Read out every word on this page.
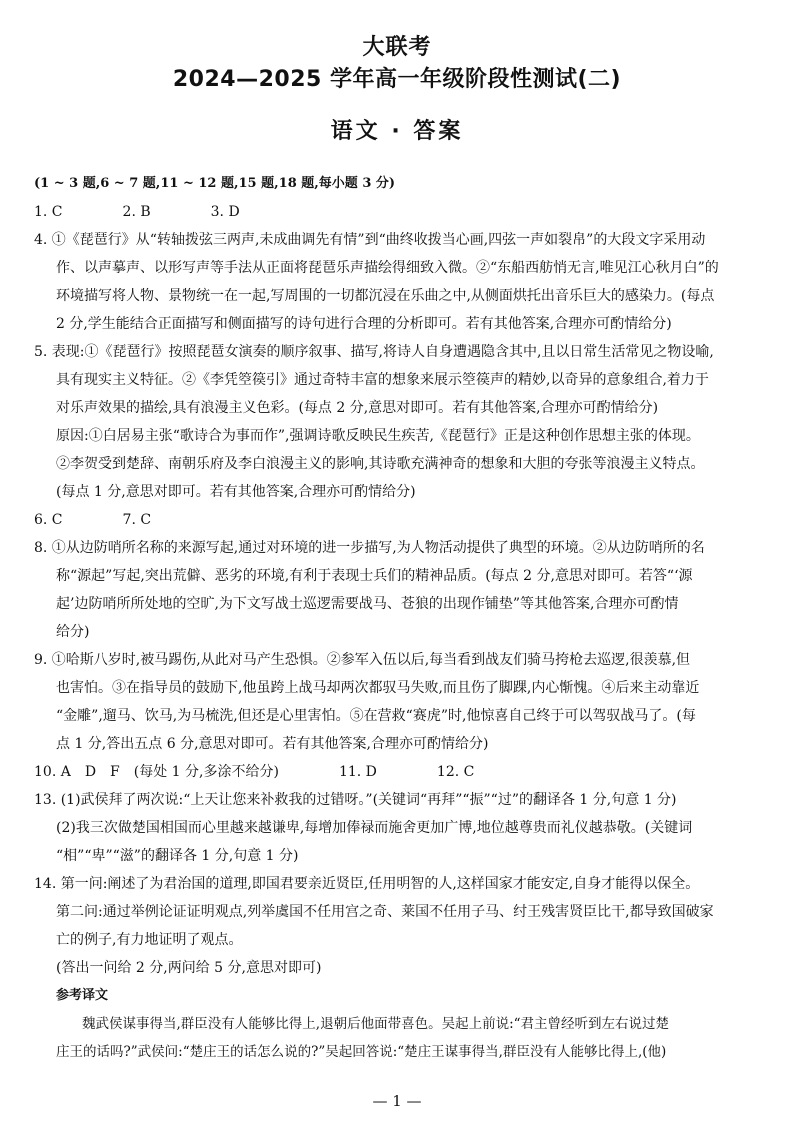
大联考
2024—2025 学年高一年级阶段性测试(二)
语文 · 答案

(1 ~ 3 题,6 ~ 7 题,11 ~ 12 题,15 题,18 题,每小题 3 分)

1. C	2. B	3. D

4. ①《琵琶行》从“转轴拨弦三两声,未成曲调先有情”到“曲终收拨当心画,四弦一声如裂帛”的大段文字采用动

作、以声摹声、以形写声等手法从正面将琵琶乐声描绘得细致入微。②“东船西舫悄无言,唯见江心秋月白”的

环境描写将人物、景物统一在一起,写周围的一切都沉浸在乐曲之中,从侧面烘托出音乐巨大的感染力。(每点

2 分,学生能结合正面描写和侧面描写的诗句进行合理的分析即可。若有其他答案,合理亦可酌情给分)

5. 表现:①《琵琶行》按照琵琶女演奏的顺序叙事、描写,将诗人自身遭遇隐含其中,且以日常生活常见之物设喻,

具有现实主义特征。②《李凭箜篌引》通过奇特丰富的想象来展示箜篌声的精妙,以奇异的意象组合,着力于

对乐声效果的描绘,具有浪漫主义色彩。(每点 2 分,意思对即可。若有其他答案,合理亦可酌情给分)

原因:①白居易主张“歌诗合为事而作”,强调诗歌反映民生疾苦,《琵琶行》正是这种创作思想主张的体现。

②李贺受到楚辞、南朝乐府及李白浪漫主义的影响,其诗歌充满神奇的想象和大胆的夸张等浪漫主义特点。

(每点 1 分,意思对即可。若有其他答案,合理亦可酌情给分)

6. C	7. C

8. ①从边防哨所名称的来源写起,通过对环境的进一步描写,为人物活动提供了典型的环境。②从边防哨所的名

称“源起”写起,突出荒僻、恶劣的环境,有利于表现士兵们的精神品质。(每点 2 分,意思对即可。若答“‘源

起’边防哨所所处地的空旷,为下文写战士巡逻需要战马、苍狼的出现作铺垫”等其他答案,合理亦可酌情

给分)

9. ①哈斯八岁时,被马踢伤,从此对马产生恐惧。②参军入伍以后,每当看到战友们骑马挎枪去巡逻,很羡慕,但

也害怕。③在指导员的鼓励下,他虽跨上战马却两次都驭马失败,而且伤了脚踝,内心惭愧。④后来主动靠近

“金雕”,遛马、饮马,为马梳洗,但还是心里害怕。⑤在营救“赛虎”时,他惊喜自己终于可以驾驭战马了。(每

点 1 分,答出五点 6 分,意思对即可。若有其他答案,合理亦可酌情给分)

10. A　D　F　(每处 1 分,多涂不给分)	11. D	12. C

13. (1)武侯拜了两次说:“上天让您来补救我的过错呀。”(关键词“再拜”“振”“过”的翻译各 1 分,句意 1 分)

(2)我三次做楚国相国而心里越来越谦卑,每增加俸禄而施舍更加广博,地位越尊贵而礼仪越恭敬。(关键词

“相”“卑”“滋”的翻译各 1 分,句意 1 分)

14. 第一问:阐述了为君治国的道理,即国君要亲近贤臣,任用明智的人,这样国家才能安定,自身才能得以保全。

第二问:通过举例论证证明观点,列举虞国不任用宫之奇、莱国不任用子马、纣王残害贤臣比干,都导致国破家

亡的例子,有力地证明了观点。

(答出一问给 2 分,两问给 5 分,意思对即可)

参考译文

魏武侯谋事得当,群臣没有人能够比得上,退朝后他面带喜色。吴起上前说:“君主曾经听到左右说过楚

庄王的话吗?”武侯问:“楚庄王的话怎么说的?”吴起回答说:“楚庄王谋事得当,群臣没有人能够比得上,(他)

— 1 —
